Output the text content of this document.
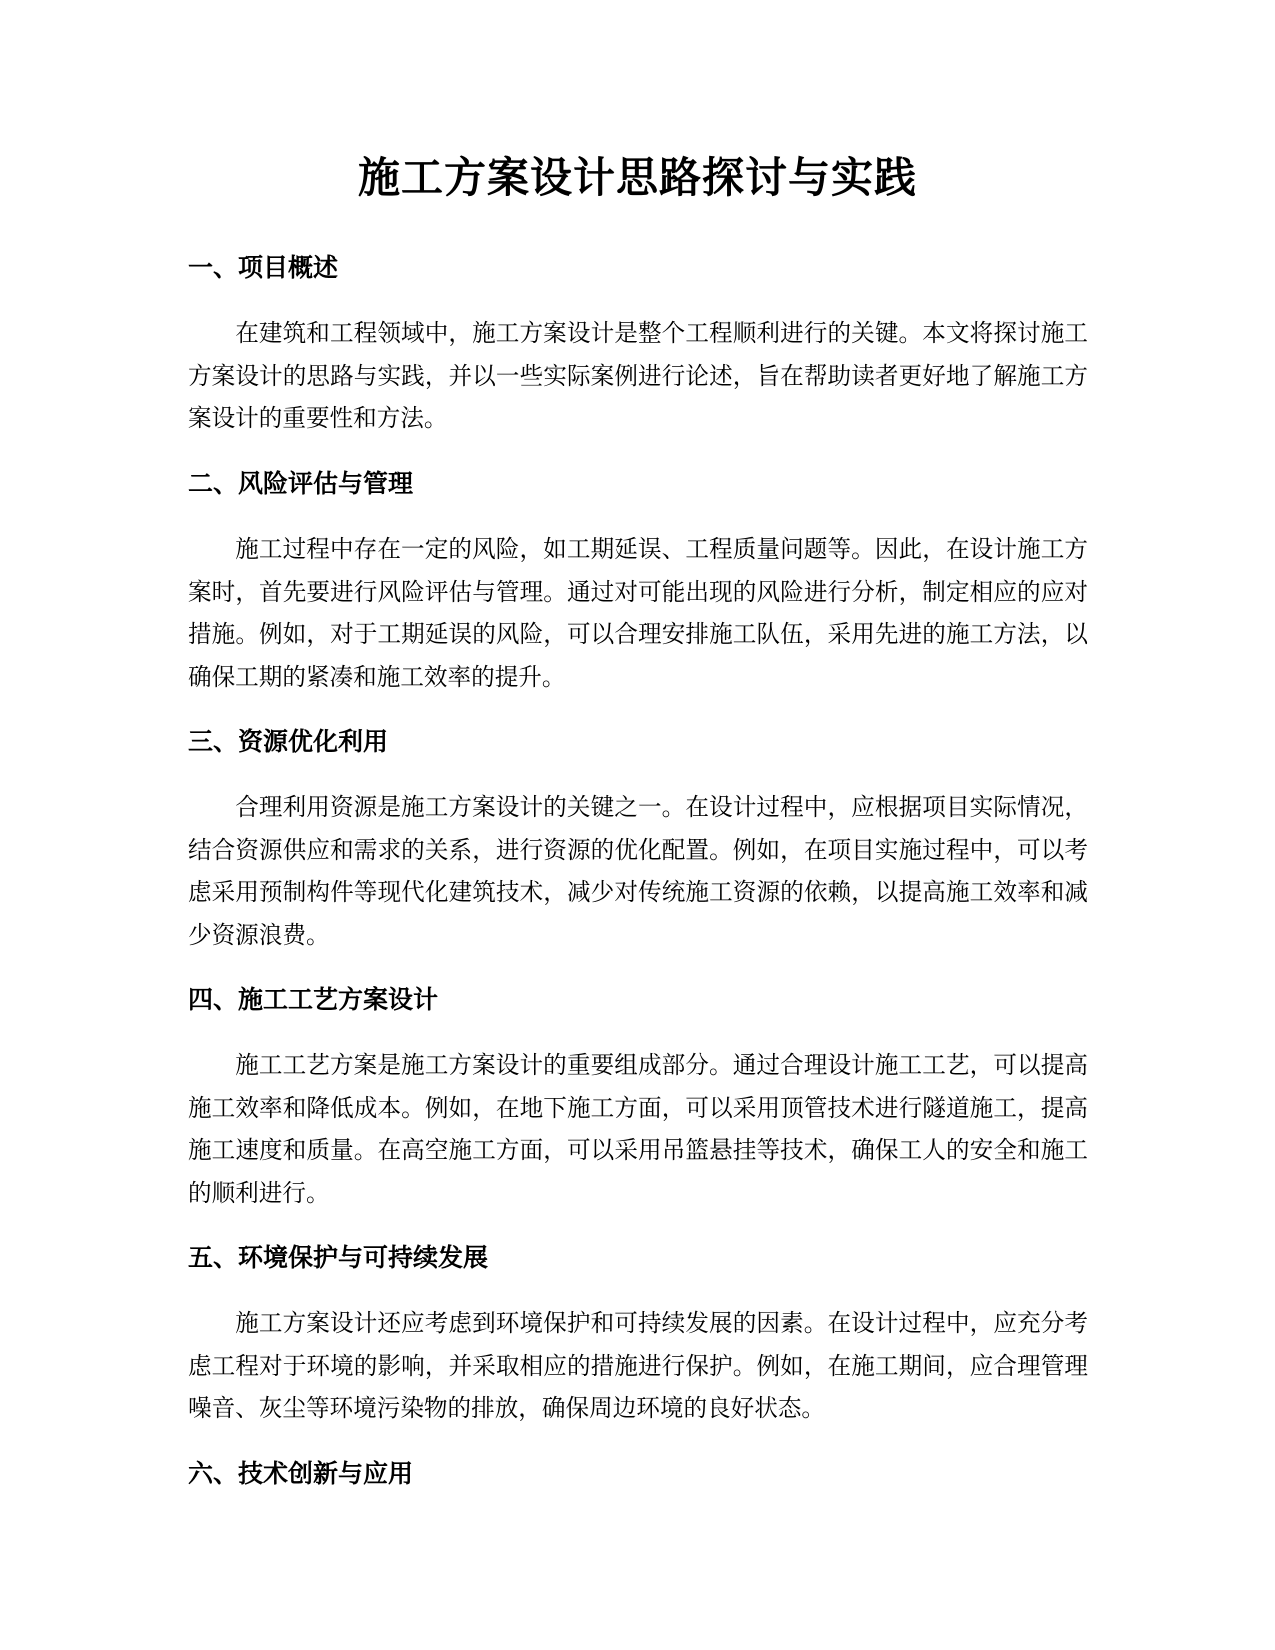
施工方案设计思路探讨与实践
一、项目概述

在建筑和工程领域中，施工方案设计是整个工程顺利进行的关键。本文将探讨施工方案设计的思路与实践，并以一些实际案例进行论述，旨在帮助读者更好地了解施工方案设计的重要性和方法。

二、风险评估与管理

施工过程中存在一定的风险，如工期延误、工程质量问题等。因此，在设计施工方案时，首先要进行风险评估与管理。通过对可能出现的风险进行分析，制定相应的应对措施。例如，对于工期延误的风险，可以合理安排施工队伍，采用先进的施工方法，以确保工期的紧凑和施工效率的提升。

三、资源优化利用

合理利用资源是施工方案设计的关键之一。在设计过程中，应根据项目实际情况，结合资源供应和需求的关系，进行资源的优化配置。例如，在项目实施过程中，可以考虑采用预制构件等现代化建筑技术，减少对传统施工资源的依赖，以提高施工效率和减少资源浪费。

四、施工工艺方案设计

施工工艺方案是施工方案设计的重要组成部分。通过合理设计施工工艺，可以提高施工效率和降低成本。例如，在地下施工方面，可以采用顶管技术进行隧道施工，提高施工速度和质量。在高空施工方面，可以采用吊篮悬挂等技术，确保工人的安全和施工的顺利进行。

五、环境保护与可持续发展

施工方案设计还应考虑到环境保护和可持续发展的因素。在设计过程中，应充分考虑工程对于环境的影响，并采取相应的措施进行保护。例如，在施工期间，应合理管理噪音、灰尘等环境污染物的排放，确保周边环境的良好状态。

六、技术创新与应用
